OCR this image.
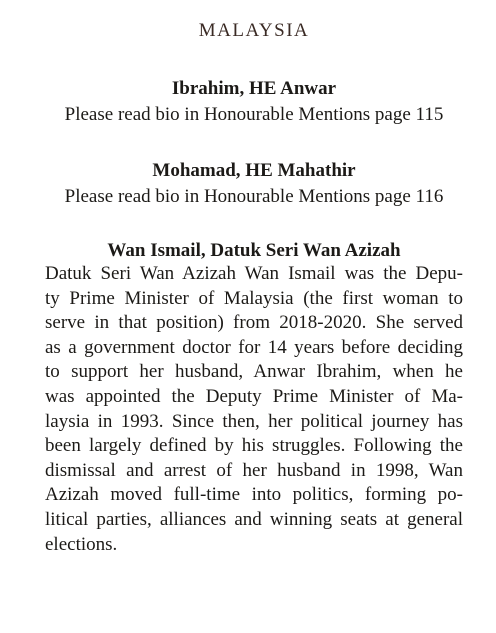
MALAYSIA
Ibrahim, HE Anwar
Please read bio in Honourable Mentions page 115
Mohamad, HE Mahathir
Please read bio in Honourable Mentions page 116
Wan Ismail, Datuk Seri Wan Azizah
Datuk Seri Wan Azizah Wan Ismail was the Depu-
ty Prime Minister of Malaysia (the first woman to
serve in that position) from 2018-2020. She served
as a government doctor for 14 years before deciding
to support her husband, Anwar Ibrahim, when he
was appointed the Deputy Prime Minister of Ma-
laysia in 1993. Since then, her political journey has
been largely defined by his struggles. Following the
dismissal and arrest of her husband in 1998, Wan
Azizah moved full-time into politics, forming po-
litical parties, alliances and winning seats at general
elections.
